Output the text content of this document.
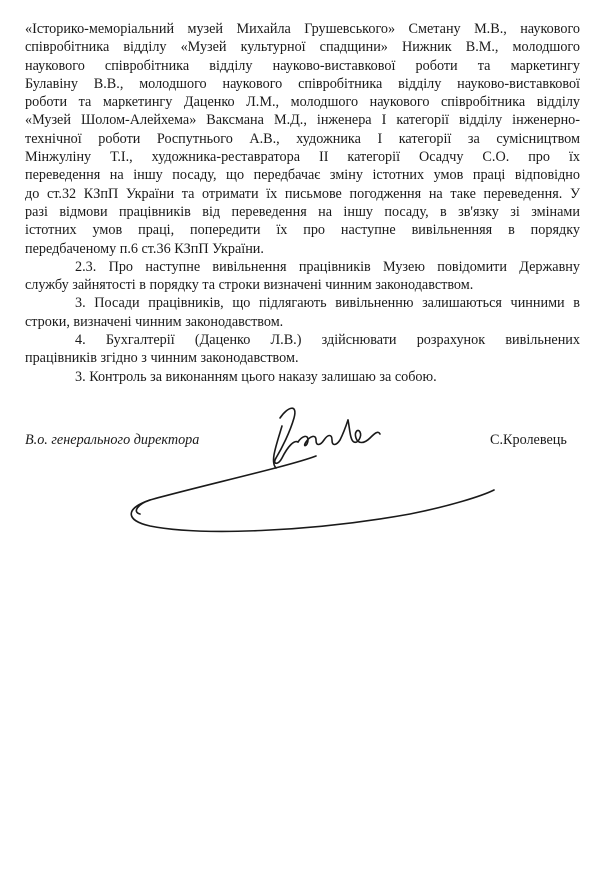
«Історико-меморіальний музей Михайла Грушевського» Сметану М.В., наукового
співробітника відділу «Музей культурної спадщини» Нижник В.М., молодшого
наукового співробітника відділу науково-виставкової роботи та маркетингу
Булавіну В.В., молодшого наукового співробітника відділу науково-виставкової
роботи та маркетингу Даценко Л.М., молодшого наукового співробітника відділу
«Музей Шолом-Алейхема» Ваксмана М.Д., інженера І категорії відділу інженерно-
технічної роботи Роспутнього А.В., художника І категорії за сумісництвом
Мінжуліну Т.І., художника-реставратора ІІ категорії Осадчу С.О. про їх
переведення на іншу посаду, що передбачає зміну істотних умов праці відповідно
до ст.32 КЗпП України та отримати їх письмове погодження на таке переведення. У
разі відмови працівників від переведення на іншу посаду, в зв'язку зі змінами
істотних умов праці, попередити їх про наступне вивільненняя в порядку
передбаченому п.6 ст.36 КЗпП України.
2.3. Про наступне вивільнення працівників Музею повідомити Державну
службу зайнятості в порядку та строки визначені чинним законодавством.
3. Посади працівників, що підлягають вивільненню залишаються чинними в
строки, визначені чинним законодавством.
4. Бухгалтерії (Даценко Л.В.) здійснювати розрахунок вивільнених
працівників згідно з чинним законодавством.
3. Контроль за виконанням цього наказу залишаю за собою.
В.о. генерального директора	С.Кролевець
